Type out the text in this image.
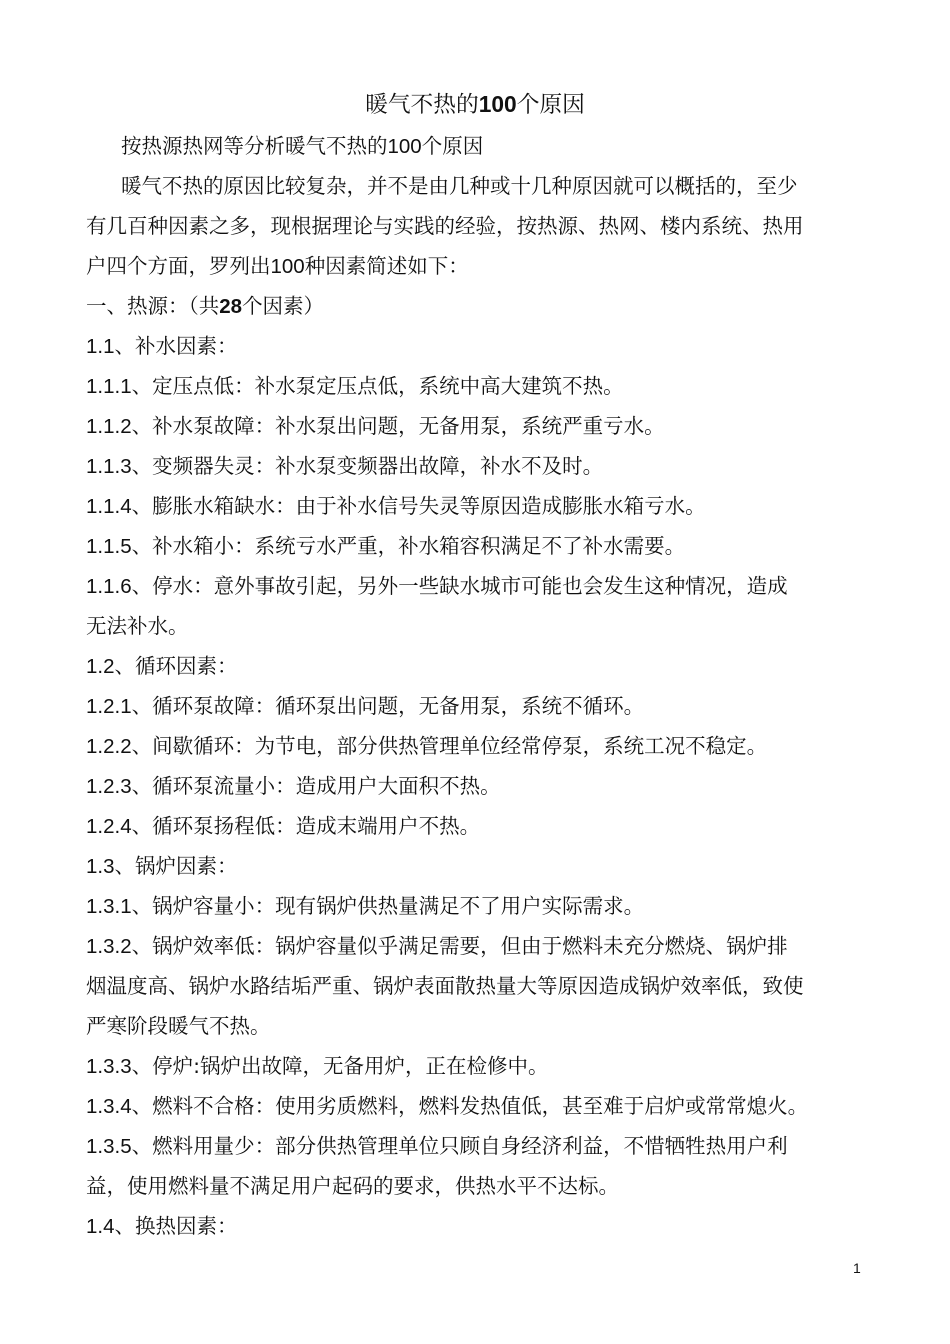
暖气不热的100个原因
按热源热网等分析暖气不热的100个原因
暖气不热的原因比较复杂，并不是由几种或十几种原因就可以概括的，至少
有几百种因素之多，现根据理论与实践的经验，按热源、热网、楼内系统、热用
户四个方面，罗列出100种因素简述如下：
一、热源：（共28个因素）
1.1、补水因素：
1.1.1、定压点低：补水泵定压点低，系统中高大建筑不热。
1.1.2、补水泵故障：补水泵出问题，无备用泵，系统严重亏水。
1.1.3、变频器失灵：补水泵变频器出故障，补水不及时。
1.1.4、膨胀水箱缺水：由于补水信号失灵等原因造成膨胀水箱亏水。
1.1.5、补水箱小：系统亏水严重，补水箱容积满足不了补水需要。
1.1.6、停水：意外事故引起，另外一些缺水城市可能也会发生这种情况，造成
无法补水。
1.2、循环因素：
1.2.1、循环泵故障：循环泵出问题，无备用泵，系统不循环。
1.2.2、间歇循环：为节电，部分供热管理单位经常停泵，系统工况不稳定。
1.2.3、循环泵流量小：造成用户大面积不热。
1.2.4、循环泵扬程低：造成末端用户不热。
1.3、锅炉因素：
1.3.1、锅炉容量小：现有锅炉供热量满足不了用户实际需求。
1.3.2、锅炉效率低：锅炉容量似乎满足需要，但由于燃料未充分燃烧、锅炉排
烟温度高、锅炉水路结垢严重、锅炉表面散热量大等原因造成锅炉效率低，致使
严寒阶段暖气不热。
1.3.3、停炉:锅炉出故障，无备用炉，正在检修中。
1.3.4、燃料不合格：使用劣质燃料，燃料发热值低，甚至难于启炉或常常熄火。
1.3.5、燃料用量少：部分供热管理单位只顾自身经济利益，不惜牺牲热用户利
益，使用燃料量不满足用户起码的要求，供热水平不达标。
1.4、换热因素：
1
